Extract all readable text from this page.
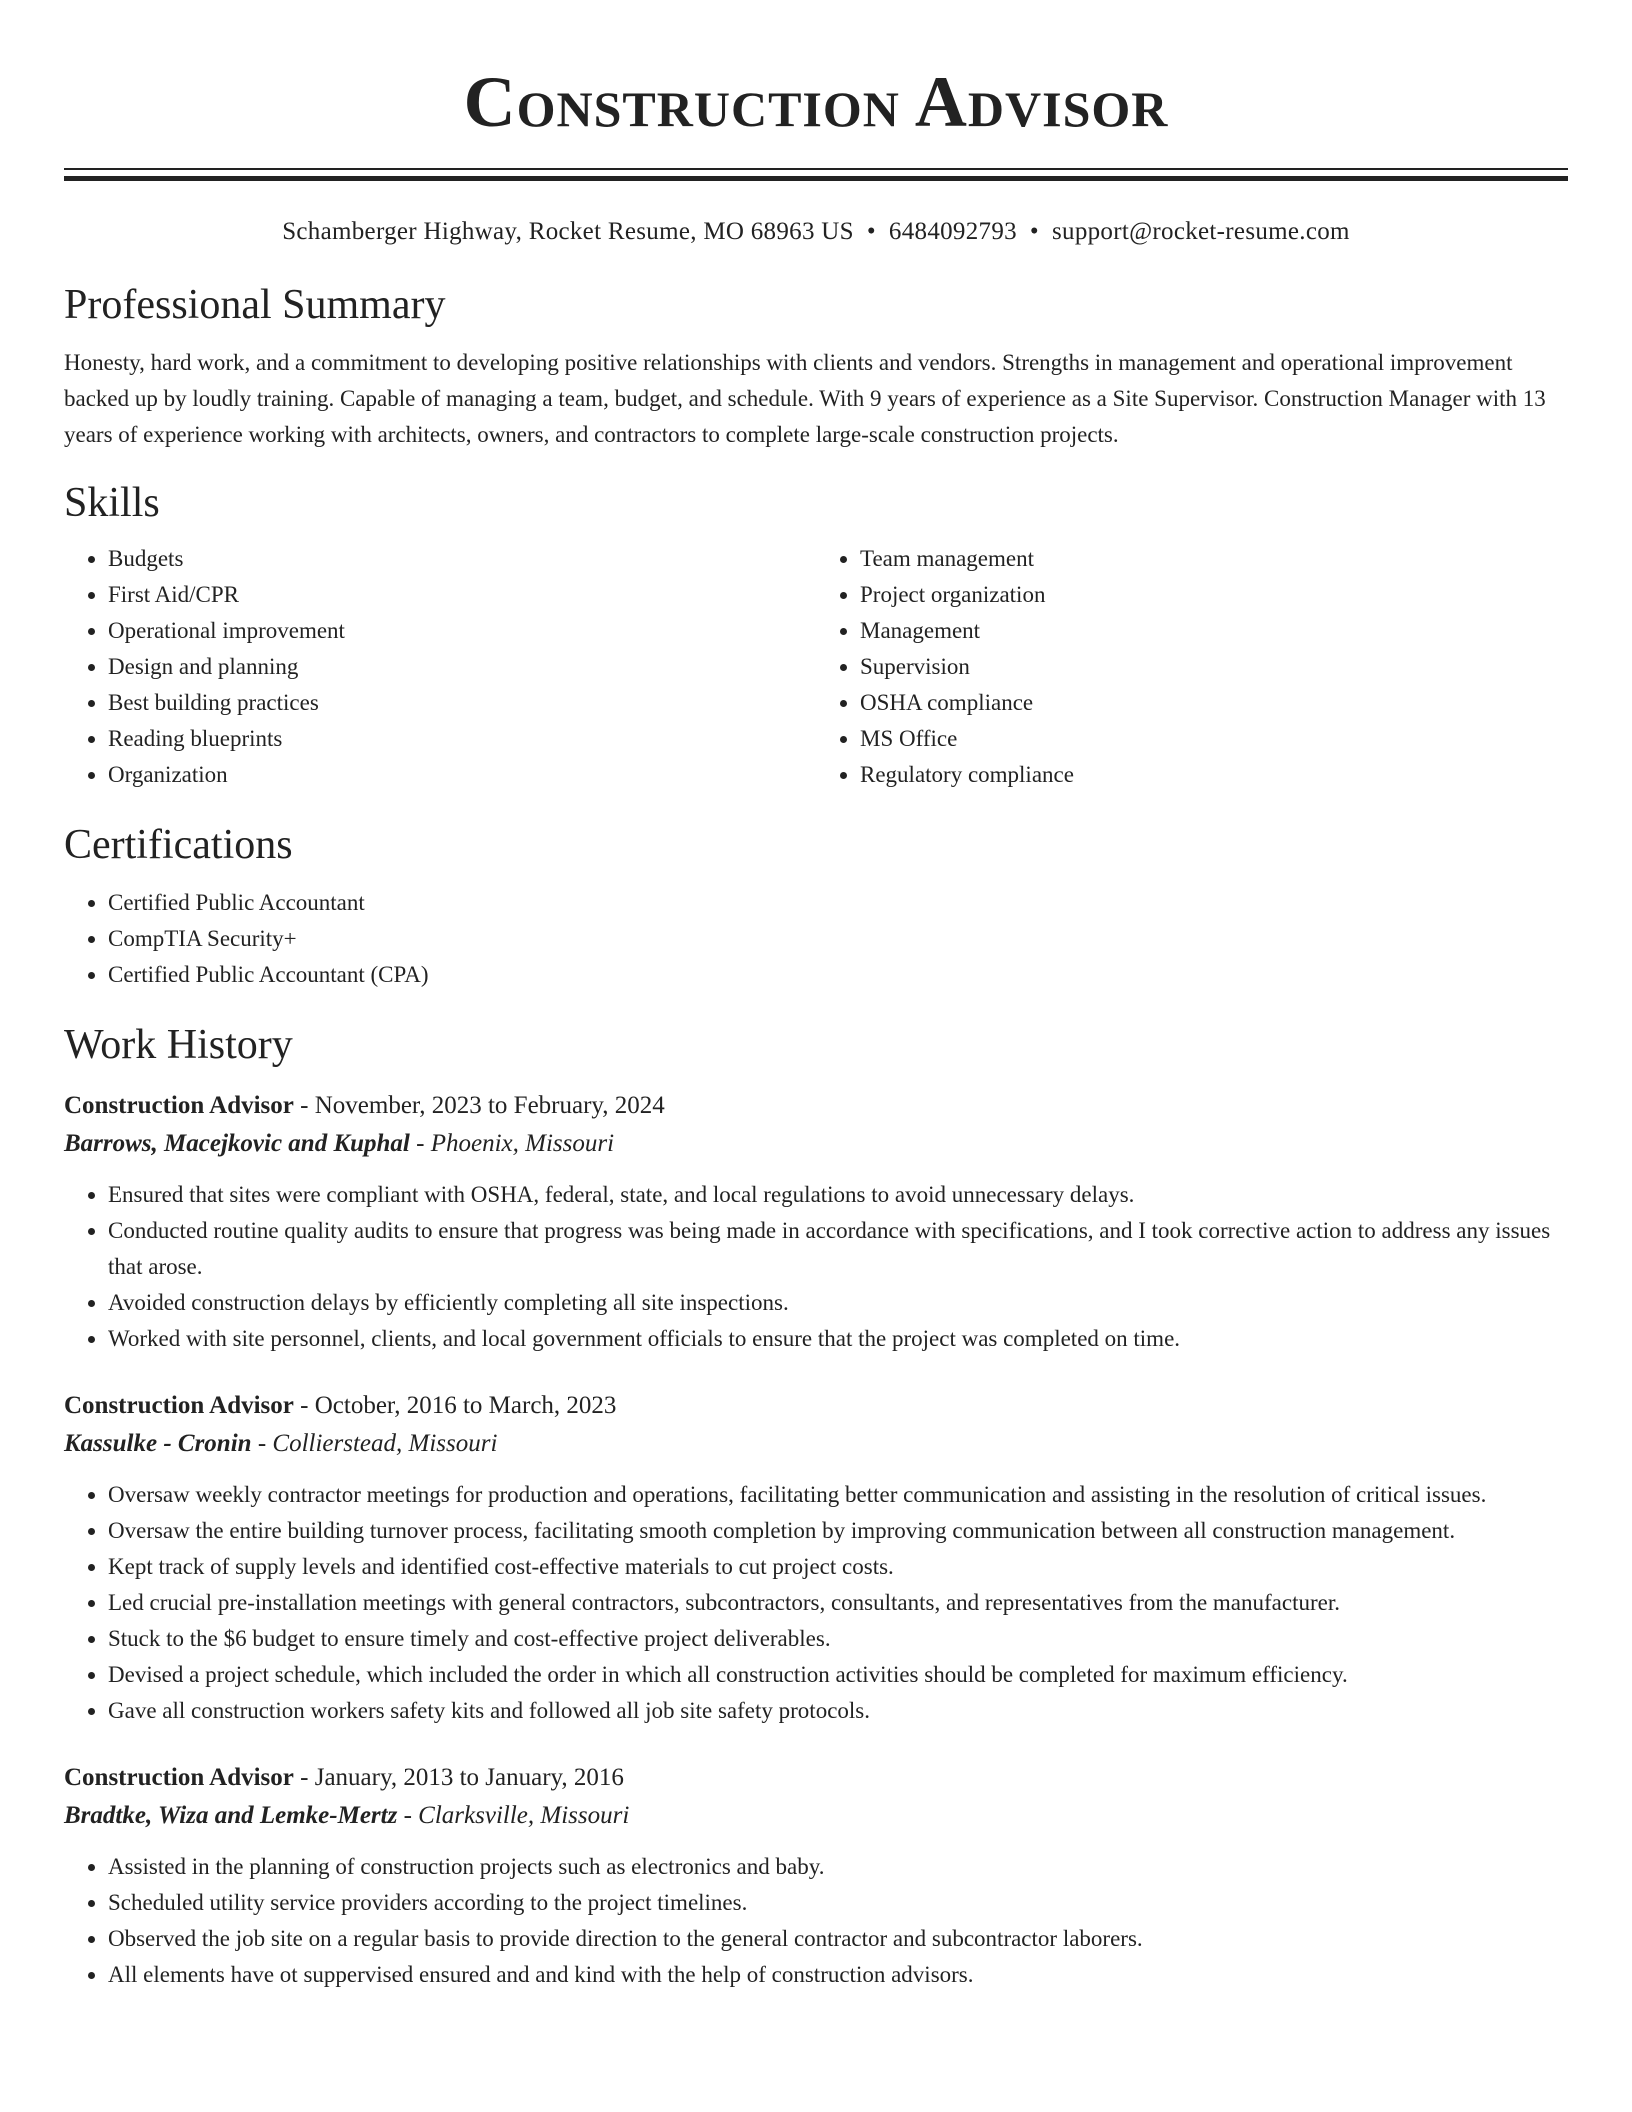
Construction Advisor
Schamberger Highway, Rocket Resume, MO 68963 US • 6484092793 • support@rocket-resume.com
Professional Summary

Honesty, hard work, and a commitment to developing positive relationships with clients and vendors. Strengths in management and operational improvement backed up by loudly training. Capable of managing a team, budget, and schedule. With 9 years of experience as a Site Supervisor. Construction Manager with 13 years of experience working with architects, owners, and contractors to complete large-scale construction projects.

Skills
• Budgets
• First Aid/CPR
• Operational improvement
• Design and planning
• Best building practices
• Reading blueprints
• Organization
• Team management
• Project organization
• Management
• Supervision
• OSHA compliance
• MS Office
• Regulatory compliance
Certifications
• Certified Public Accountant
• CompTIA Security+
• Certified Public Accountant (CPA)
Work History
Construction Advisor - November, 2023 to February, 2024
Barrows, Macejkovic and Kuphal - Phoenix, Missouri
• Ensured that sites were compliant with OSHA, federal, state, and local regulations to avoid unnecessary delays.
• Conducted routine quality audits to ensure that progress was being made in accordance with specifications, and I took corrective action to address any issues that arose.
• Avoided construction delays by efficiently completing all site inspections.
• Worked with site personnel, clients, and local government officials to ensure that the project was completed on time.
Construction Advisor - October, 2016 to March, 2023
Kassulke - Cronin - Collierstead, Missouri
• Oversaw weekly contractor meetings for production and operations, facilitating better communication and assisting in the resolution of critical issues.
• Oversaw the entire building turnover process, facilitating smooth completion by improving communication between all construction management.
• Kept track of supply levels and identified cost-effective materials to cut project costs.
• Led crucial pre-installation meetings with general contractors, subcontractors, consultants, and representatives from the manufacturer.
• Stuck to the $6 budget to ensure timely and cost-effective project deliverables.
• Devised a project schedule, which included the order in which all construction activities should be completed for maximum efficiency.
• Gave all construction workers safety kits and followed all job site safety protocols.
Construction Advisor - January, 2013 to January, 2016
Bradtke, Wiza and Lemke-Mertz - Clarksville, Missouri
• Assisted in the planning of construction projects such as electronics and baby.
• Scheduled utility service providers according to the project timelines.
• Observed the job site on a regular basis to provide direction to the general contractor and subcontractor laborers.
• All elements have ot suppervised ensured and and kind with the help of construction advisors.
